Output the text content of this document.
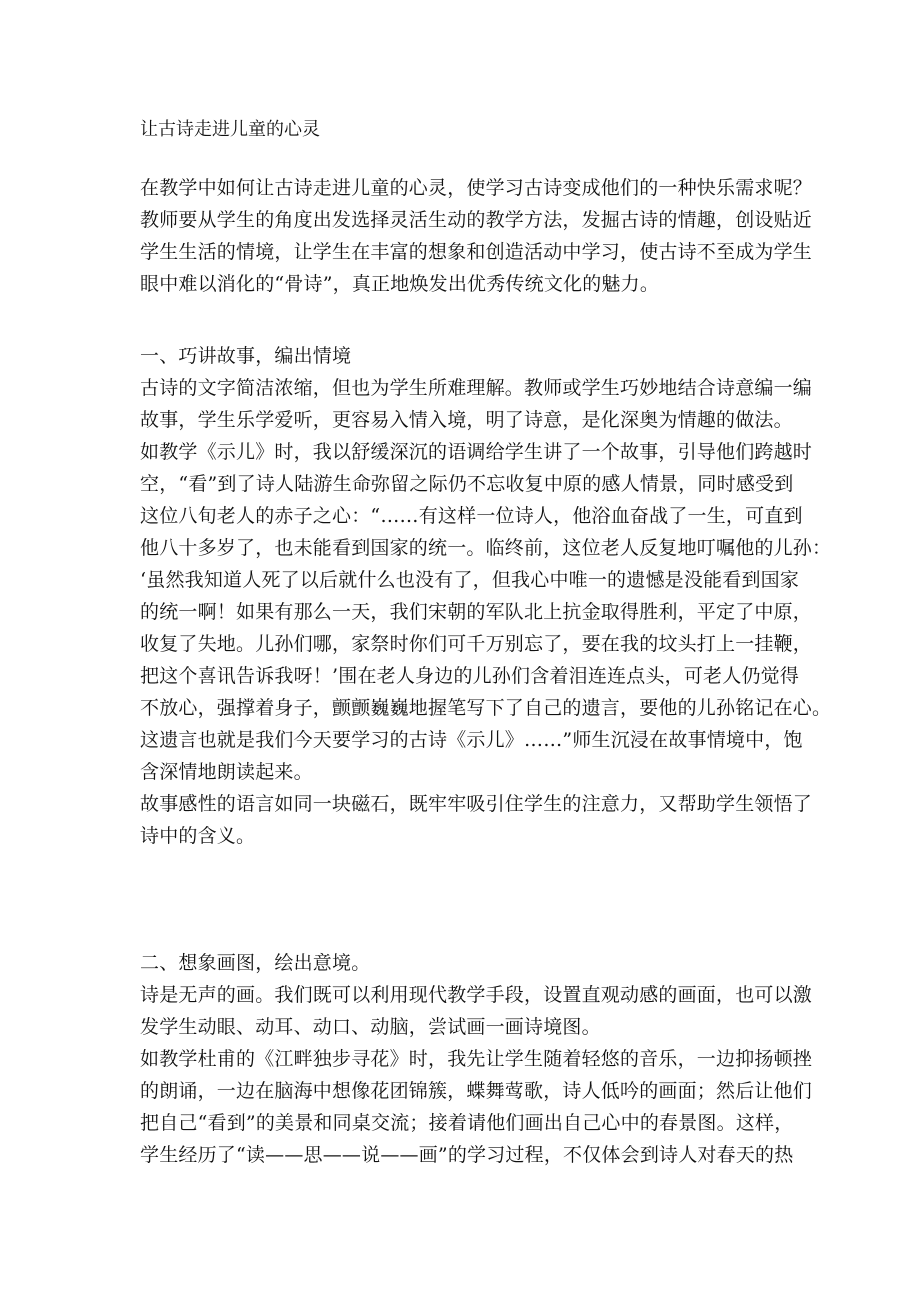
让古诗走进儿童的心灵
在教学中如何让古诗走进儿童的心灵，使学习古诗变成他们的一种快乐需求呢？
教师要从学生的角度出发选择灵活生动的教学方法，发掘古诗的情趣，创设贴近
学生生活的情境，让学生在丰富的想象和创造活动中学习，使古诗不至成为学生
眼中难以消化的“骨诗”，真正地焕发出优秀传统文化的魅力。
一、巧讲故事，编出情境
古诗的文字简洁浓缩，但也为学生所难理解。教师或学生巧妙地结合诗意编一编
故事，学生乐学爱听，更容易入情入境，明了诗意，是化深奥为情趣的做法。
如教学《示儿》时，我以舒缓深沉的语调给学生讲了一个故事，引导他们跨越时
空，“看”到了诗人陆游生命弥留之际仍不忘收复中原的感人情景，同时感受到
这位八旬老人的赤子之心：“……有这样一位诗人，他浴血奋战了一生，可直到
他八十多岁了，也未能看到国家的统一。临终前，这位老人反复地叮嘱他的儿孙：
‘虽然我知道人死了以后就什么也没有了，但我心中唯一的遗憾是没能看到国家
的统一啊！如果有那么一天，我们宋朝的军队北上抗金取得胜利，平定了中原，
收复了失地。儿孙们哪，家祭时你们可千万别忘了，要在我的坟头打上一挂鞭，
把这个喜讯告诉我呀！’围在老人身边的儿孙们含着泪连连点头，可老人仍觉得
不放心，强撑着身子，颤颤巍巍地握笔写下了自己的遗言，要他的儿孙铭记在心。
这遗言也就是我们今天要学习的古诗《示儿》……”师生沉浸在故事情境中，饱
含深情地朗读起来。
故事感性的语言如同一块磁石，既牢牢吸引住学生的注意力，又帮助学生领悟了
诗中的含义。
二、想象画图，绘出意境。
诗是无声的画。我们既可以利用现代教学手段，设置直观动感的画面，也可以激
发学生动眼、动耳、动口、动脑，尝试画一画诗境图。
如教学杜甫的《江畔独步寻花》时，我先让学生随着轻悠的音乐，一边抑扬顿挫
的朗诵，一边在脑海中想像花团锦簇，蝶舞莺歌，诗人低吟的画面；然后让他们
把自己“看到”的美景和同桌交流；接着请他们画出自己心中的春景图。这样，
学生经历了“读——思——说——画”的学习过程，不仅体会到诗人对春天的热
